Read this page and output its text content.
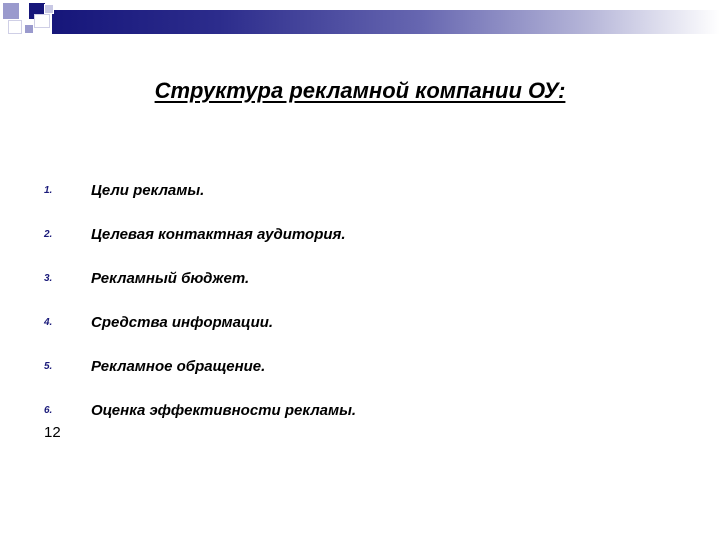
Структура рекламной компании ОУ:
1.	Цели рекламы.
2.	Целевая контактная аудитория.
3.	Рекламный бюджет.
4.	Средства информации.
5.	Рекламное обращение.
6.	Оценка эффективности рекламы.
12
